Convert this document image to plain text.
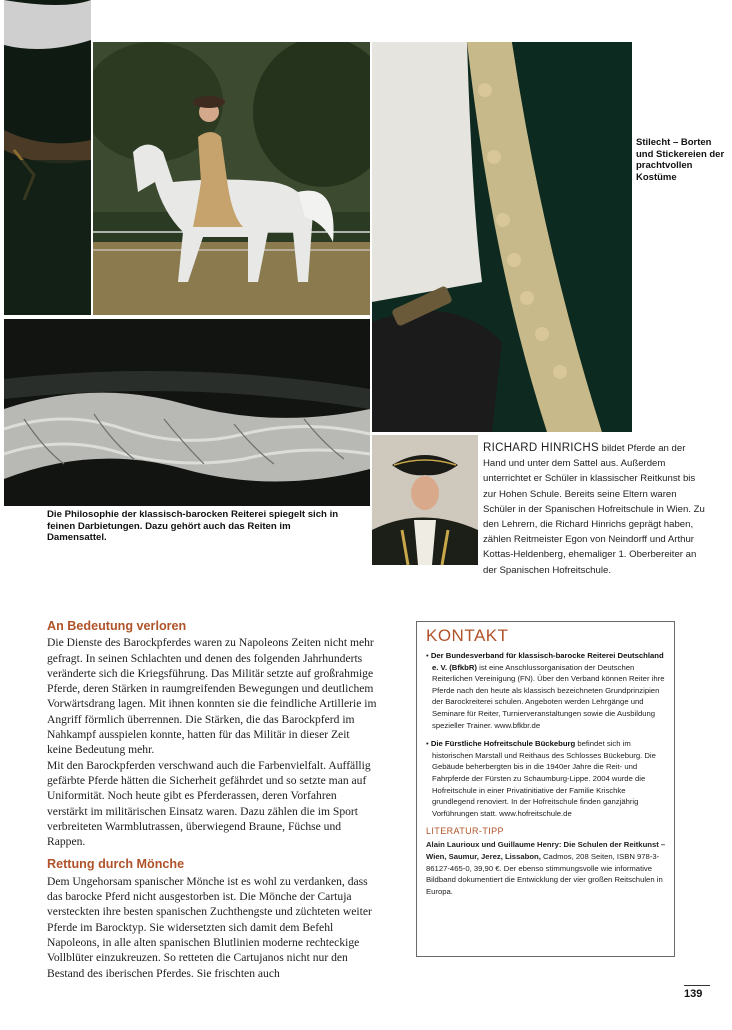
Stilecht – Borten und Stickereien der prachtvollen Kostüme
Die Philosophie der klassisch-barocken Reiterei spiegelt sich in feinen Darbietungen. Dazu gehört auch das Reiten im Damensattel.
RICHARD HINRICHS bildet Pferde an der Hand und unter dem Sattel aus. Außerdem unterrichtet er Schüler in klassischer Reitkunst bis zur Hohen Schule. Bereits seine Eltern waren Schüler in der Spanischen Hofreitschule in Wien. Zu den Lehrern, die Richard Hinrichs geprägt haben, zählen Reitmeister Egon von Neindorff und Arthur Kottas-Heldenberg, ehemaliger 1. Oberbereiter an der Spanischen Hofreitschule.
An Bedeutung verloren

Die Dienste des Barockpferdes waren zu Napoleons Zeiten nicht mehr gefragt. In seinen Schlachten und denen des folgenden Jahrhunderts veränderte sich die Kriegsführung. Das Militär setzte auf großrahmige Pferde, deren Stärken in raumgreifenden Bewegungen und deutlichem Vorwärtsdrang lagen. Mit ihnen konnten sie die feindliche Artillerie im Angriff förmlich überrennen. Die Stärken, die das Barockpferd im Nahkampf ausspielen konnte, hatten für das Militär in dieser Zeit keine Bedeutung mehr.

Mit den Barockpferden verschwand auch die Farbenvielfalt. Auffällig gefärbte Pferde hätten die Sicherheit gefährdet und so setzte man auf Uniformität. Noch heute gibt es Pferderassen, deren Vorfahren verstärkt im militärischen Einsatz waren. Dazu zählen die im Sport verbreiteten Warmblutrassen, überwiegend Braune, Füchse und Rappen.

Rettung durch Mönche

Dem Ungehorsam spanischer Mönche ist es wohl zu verdanken, dass das barocke Pferd nicht ausgestorben ist. Die Mönche der Cartuja versteckten ihre besten spanischen Zuchthengste und züchteten weiter Pferde im Barocktyp. Sie widersetzten sich damit dem Befehl Napoleons, in alle alten spanischen Blutlinien moderne rechteckige Vollblüter einzukreuzen. So retteten die Cartujanos nicht nur den Bestand des iberischen Pferdes. Sie frischten auch

KONTAKT
• Der Bundesverband für klassisch-barocke Reiterei Deutschland e. V. (BfkbR) ist eine Anschlussorganisation der Deutschen Reiterlichen Vereinigung (FN). Über den Verband können Reiter ihre Pferde nach den heute als klassisch bezeichneten Grundprinzipien der Barockreiterei schulen. Angeboten werden Lehrgänge und Seminare für Reiter, Turnierveranstaltungen sowie die Ausbildung spezieller Trainer. www.bfkbr.de
• Die Fürstliche Hofreitschule Bückeburg befindet sich im historischen Marstall und Reithaus des Schlosses Bückeburg. Die Gebäude beherbergten bis in die 1940er Jahre die Reit- und Fahrpferde der Fürsten zu Schaumburg-Lippe. 2004 wurde die Hofreitschule in einer Privatinitiative der Familie Krischke grundlegend renoviert. In der Hofreitschule finden ganzjährig Vorführungen statt. www.hofreitschule.de
LITERATUR-TIPP
Alain Laurioux und Guillaume Henry: Die Schulen der Reitkunst – Wien, Saumur, Jerez, Lissabon, Cadmos, 208 Seiten, ISBN 978-3-86127-465-0, 39,90 €. Der ebenso stimmungsvolle wie informative Bildband dokumentiert die Entwicklung der vier großen Reitschulen in Europa.
139
